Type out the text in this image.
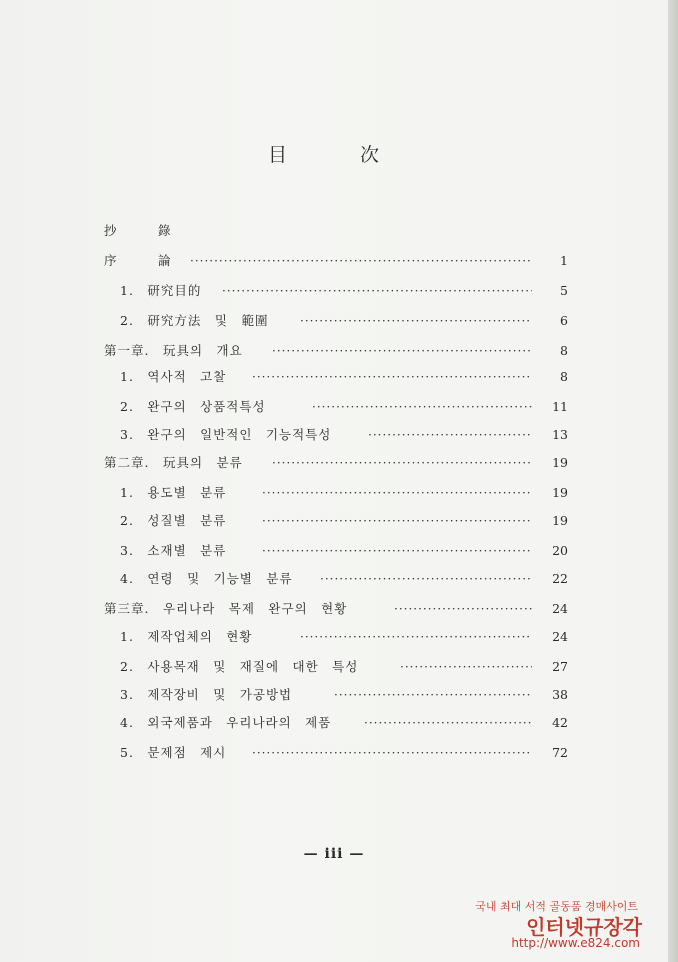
目	次
抄　　　錄
序　　　論 ·····	1
1.　研究目的 ·····	5
2.　研究方法　및　範圍 ·····	6
第一章.　玩具의　개요 ·····	8
1.　역사적　고찰 ·····	8
2.　완구의　상품적특성 ·····	11
3.　완구의　일반적인　기능적특성 ·····	13
第二章.　玩具의　분류 ·····	19
1.　용도별　분류 ·····	19
2.　성질별　분류 ·····	19
3.　소재별　분류 ·····	20
4.　연령　및　기능별　분류 ·····	22
第三章.　우리나라　목제　완구의　현황 ·····	24
1.　제작업체의　현황 ·····	24
2.　사용목재　및　재질에　대한　특성 ·····	27
3.　제작장비　및　가공방법 ·····	38
4.　외국제품과　우리나라의　제품 ·····	42
5.　문제점　제시 ·····	72
— iii —
국내 최대 서적 골동품 경매사이트
인터넷규장각
http://www.e824.com
